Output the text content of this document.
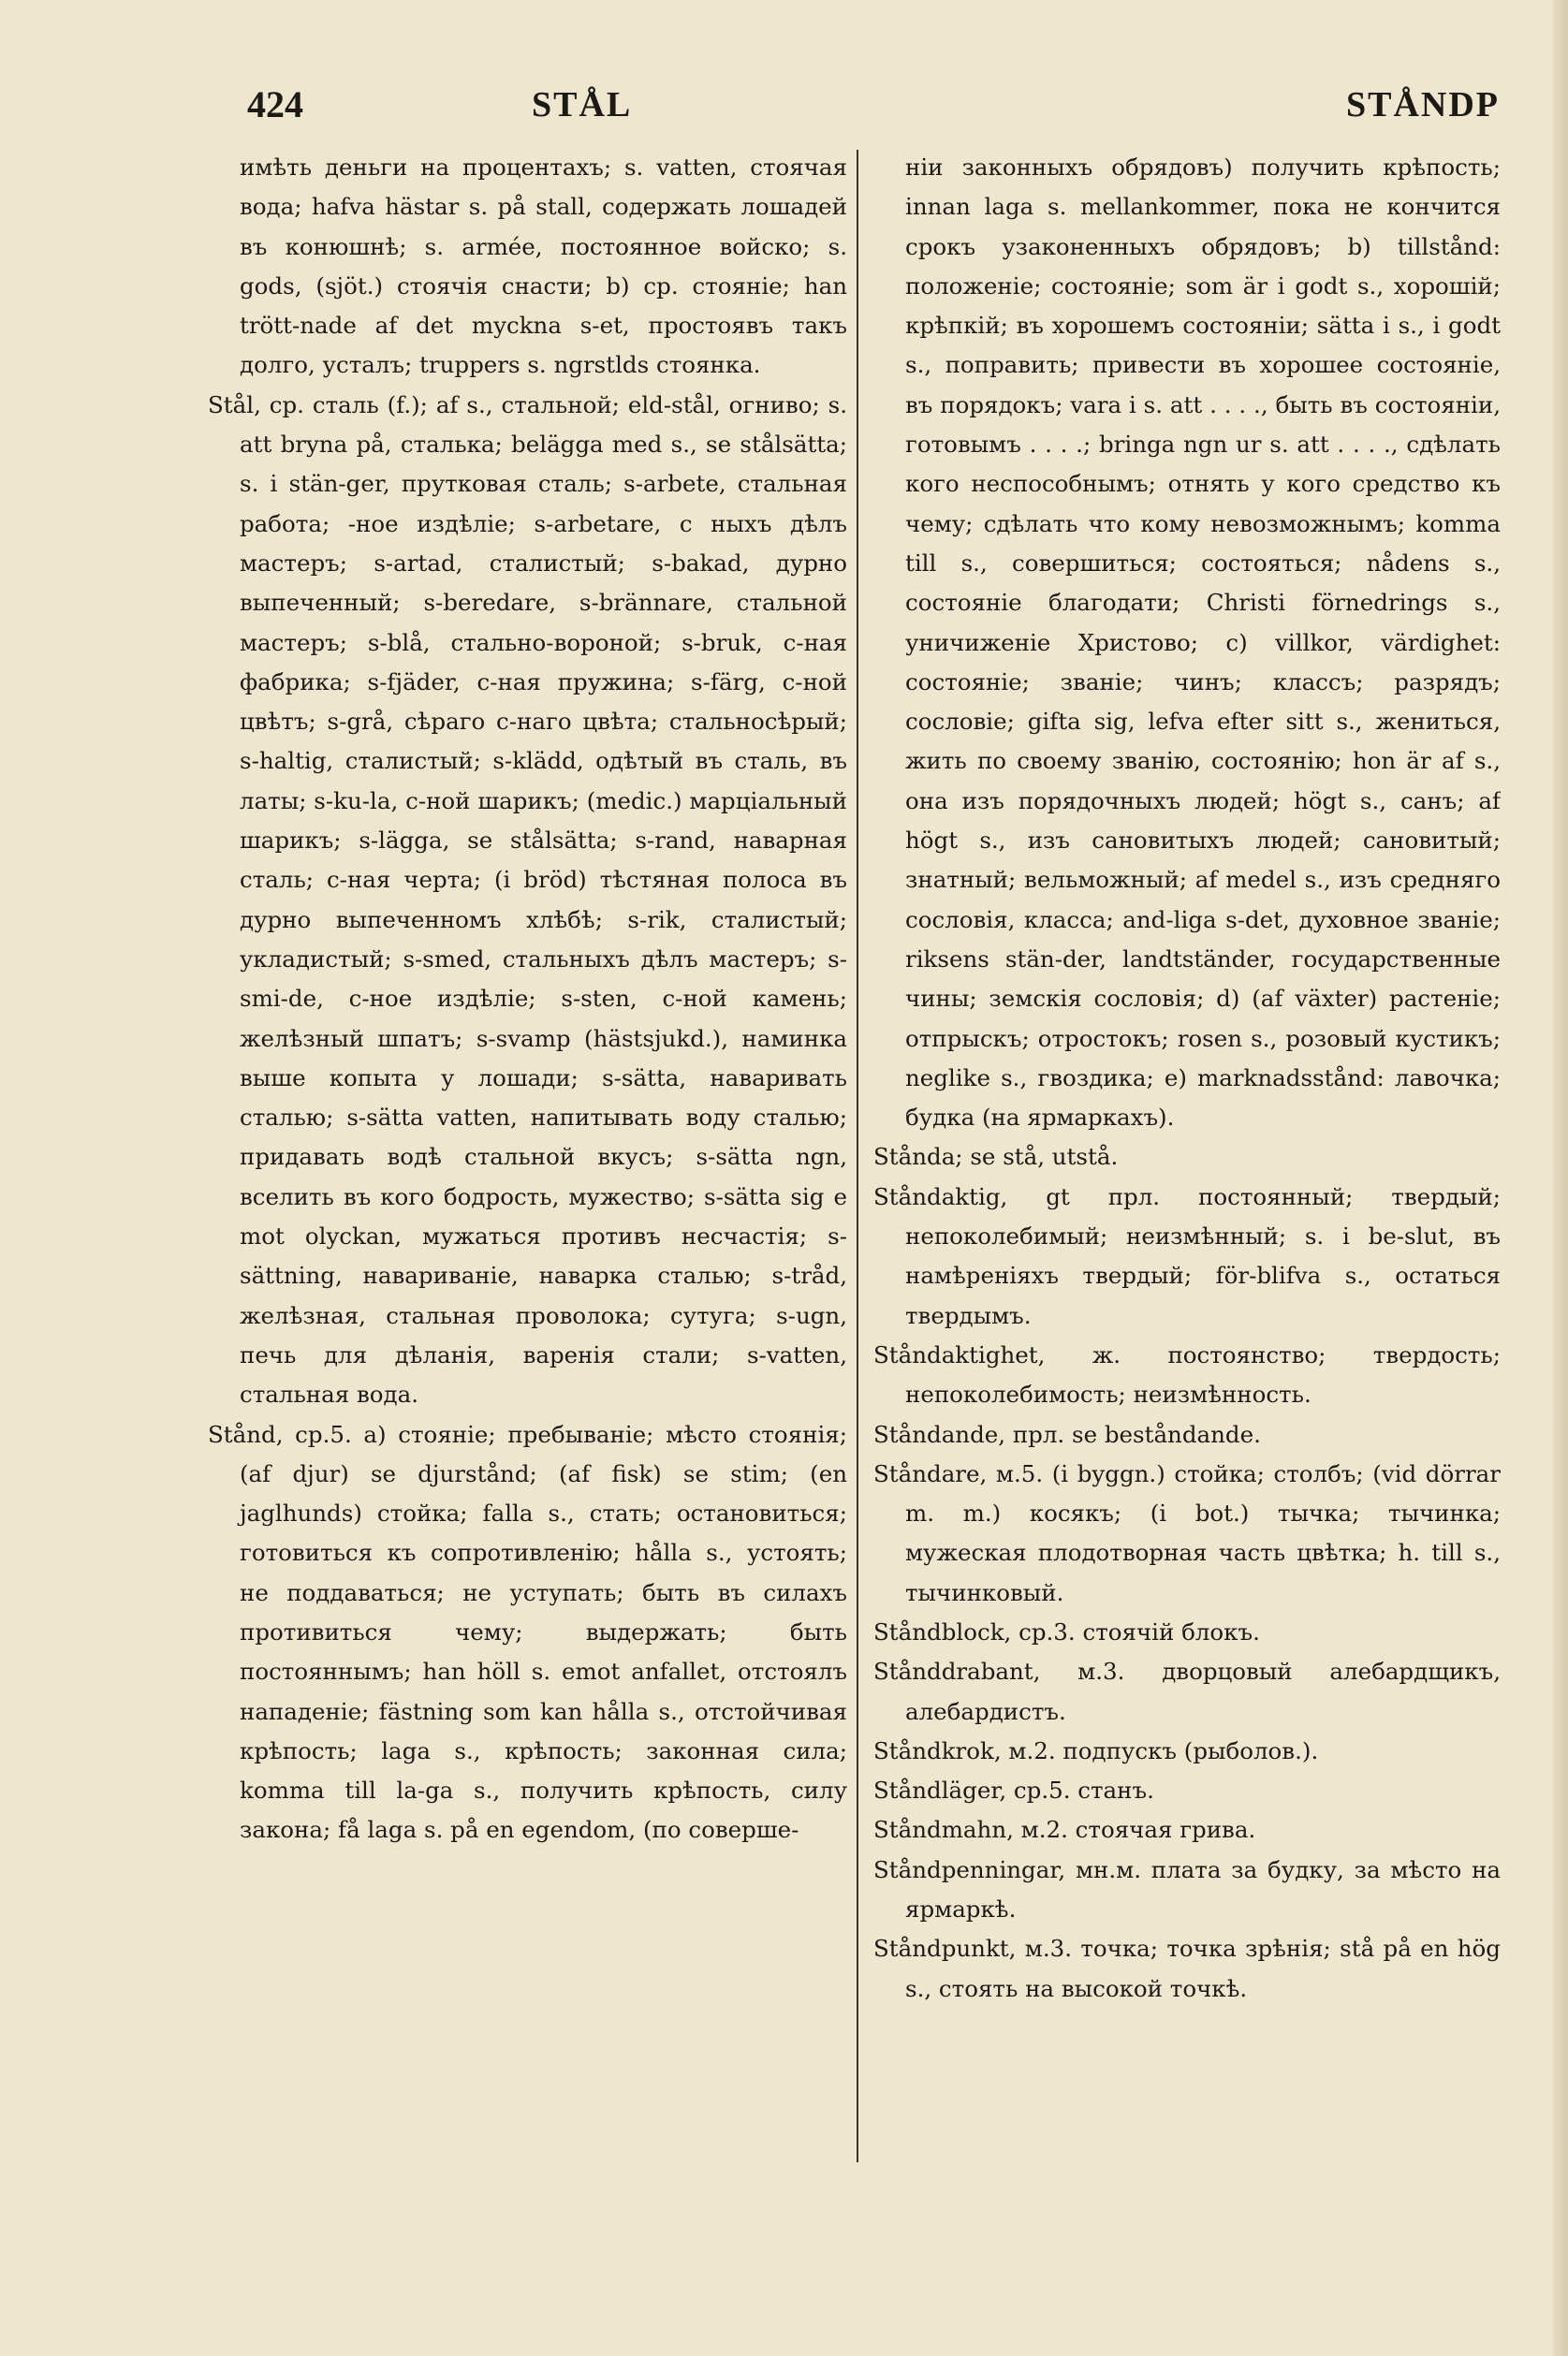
424	STÅL	STÅNDP

имѣть деньги на процентахъ; s. vatten, стоячая вода; hafva hästar s. på stall, содержать лошадей въ конюшнѣ; s. armée, постоянное войско; s. gods, (sjöt.) стоячія снасти; b) ср. стояніе; han trött-nade af det myckna s-et, простоявъ такъ долго, усталъ; truppers s. ngrstlds стоянка.

Stål, ср. сталь (f.); af s., стальной; eld-stål, огниво; s. att bryna på, сталька; belägga med s., se stålsätta; s. i stän-ger, прутковая сталь; s-arbete, стальная работа; -ное издѣліе; s-arbetare, с ныхъ дѣлъ мастеръ; s-artad, сталистый; s-bakad, дурно выпеченный; s-beredare, s-brännare, стальной мастеръ; s-blå, стально-вороной; s-bruk, с-ная фабрика; s-fjäder, с-ная пружина; s-färg, с-ной цвѣтъ; s-grå, сѣраго с-наго цвѣта; стальносѣрый; s-haltig, сталистый; s-klädd, одѣтый въ сталь, въ латы; s-ku-la, с-ной шарикъ; (medic.) марціальный шарикъ; s-lägga, se stålsätta; s-rand, наварная сталь; с-ная черта; (i bröd) тѣстяная полоса въ дурно выпеченномъ хлѣбѣ; s-rik, сталистый; укладистый; s-smed, стальныхъ дѣлъ мастеръ; s-smi-de, с-ное издѣліе; s-sten, с-ной камень; желѣзный шпатъ; s-svamp (hästsjukd.), наминка выше копыта у лошади; s-sätta, наваривать сталью; s-sätta vatten, напитывать воду сталью; придавать водѣ стальной вкусъ; s-sätta ngn, вселить въ кого бодрость, мужество; s-sätta sig e mot olyckan, мужаться противъ несчастія; s-sättning, навариваніе, наварка сталью; s-tråd, желѣзная, стальная проволока; сутуга; s-ugn, печь для дѣланія, варенія стали; s-vatten, стальная вода.

Stånd, ср.5. a) стояніе; пребываніе; мѣсто стоянія; (af djur) se djurstånd; (af fisk) se stim; (en jaglhunds) стойка; falla s., стать; остановиться; готовиться къ сопротивленію; hålla s., устоять; не поддаваться; не уступать; быть въ силахъ противиться чему; выдержать; быть постояннымъ; han höll s. emot anfallet, отстоялъ нападеніе; fästning som kan hålla s., отстойчивая крѣпость; laga s., крѣпость; законная сила; komma till la-ga s., получить крѣпость, силу закона; få laga s. på en egendom, (по соверше-

ніи законныхъ обрядовъ) получить крѣпость; innan laga s. mellankommer, пока не кончится срокъ узаконенныхъ обрядовъ; b) tillstånd: положеніе; состояніе; som är i godt s., хорошій; крѣпкій; въ хорошемъ состояніи; sätta i s., i godt s., поправить; привести въ хорошее состояніе, въ порядокъ; vara i s. att . . . ., быть въ состояніи, готовымъ . . . .; bringa ngn ur s. att . . . ., сдѣлать кого неспособнымъ; отнять у кого средство къ чему; сдѣлать что кому невозможнымъ; komma till s., совершиться; состояться; nådens s., состояніе благодати; Christi förnedrings s., уничиженіе Христово; c) villkor, värdighet: состояніе; званіе; чинъ; классъ; разрядъ; сословіе; gifta sig, lefva efter sitt s., жениться, жить по своему званію, состоянію; hon är af s., она изъ порядочныхъ людей; högt s., санъ; af högt s., изъ сановитыхъ людей; сановитый; знатный; вельможный; af medel s., изъ средняго сословія, класса; and-liga s-det, духовное званіе; riksens stän-der, landtständer, государственные чины; земскія сословія; d) (af växter) растеніе; отпрыскъ; отростокъ; rosen s., розовый кустикъ; neglike s., гвоздика; e) marknadsstånd: лавочка; будка (на ярмаркахъ).

Stånda; se stå, utstå.

Ståndaktig, gt прл. постоянный; твердый; непоколебимый; неизмѣнный; s. i be-slut, въ намѣреніяхъ твердый; för-blifva s., остаться твердымъ.

Ståndaktighet, ж. постоянство; твердость; непоколебимость; неизмѣнность.

Ståndande, прл. se beståndande.

Ståndare, м.5. (i byggn.) стойка; столбъ; (vid dörrar m. m.) косякъ; (i bot.) тычка; тычинка; мужеская плодотворная часть цвѣтка; h. till s., тычинковый.

Ståndblock, ср.3. стоячій блокъ.

Stånddrabant, м.3. дворцовый алебардщикъ, алебардистъ.

Ståndkrok, м.2. подпускъ (рыболов.).

Ståndläger, ср.5. станъ.

Ståndmahn, м.2. стоячая грива.

Ståndpenningar, мн.м. плата за будку, за мѣсто на ярмаркѣ.

Ståndpunkt, м.3. точка; точка зрѣнія; stå på en hög s., стоять на высокой точкѣ.
